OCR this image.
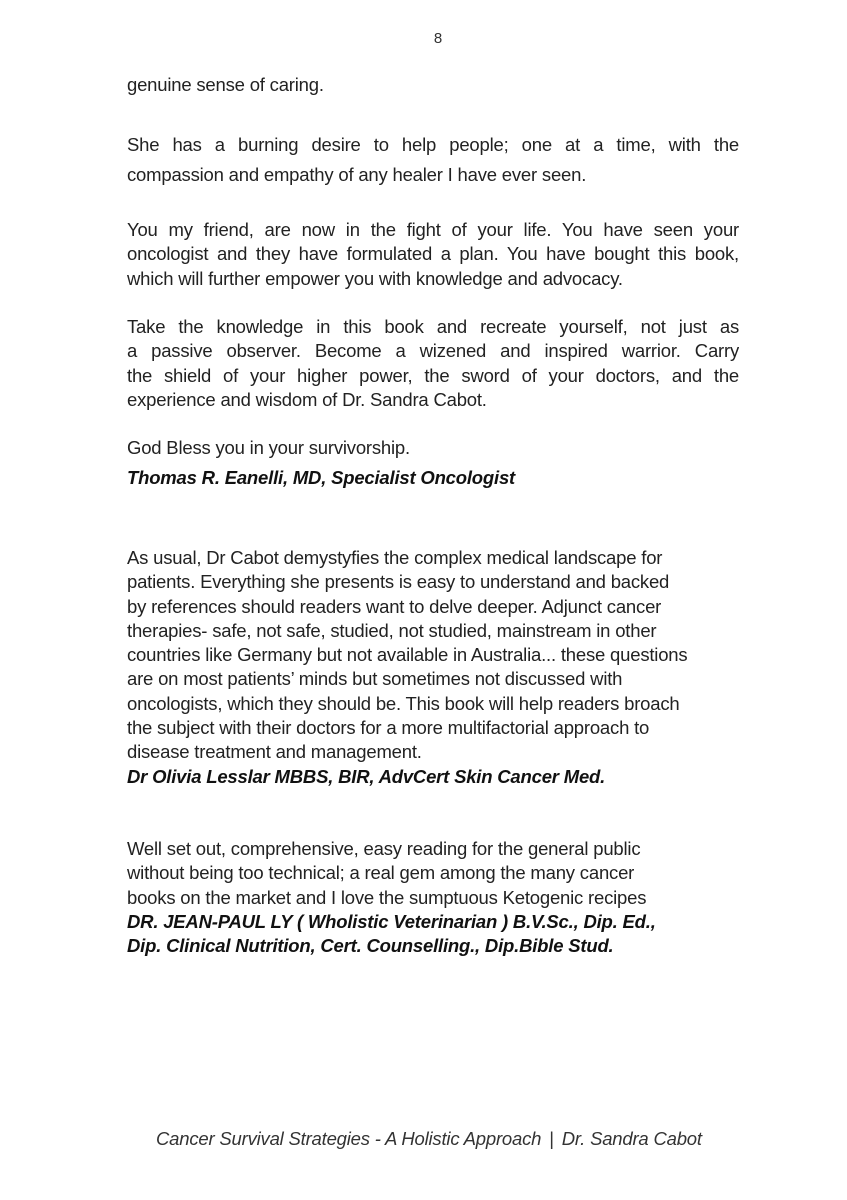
8
genuine sense of caring.
She has a burning desire to help people; one at a time, with the
compassion and empathy of any healer I have ever seen.
You my friend, are now in the fight of your life. You have seen your
oncologist and they have formulated a plan. You have bought this book,
which will further empower you with knowledge and advocacy.
Take the knowledge in this book and recreate yourself, not just as
a passive observer. Become a wizened and inspired warrior. Carry
the shield of your higher power, the sword of your doctors, and the
experience and wisdom of Dr. Sandra Cabot.
God Bless you in your survivorship.
Thomas R. Eanelli, MD, Specialist Oncologist
As usual, Dr Cabot demystyfies the complex medical landscape for
patients. Everything she presents is easy to understand and backed
by references should readers want to delve deeper. Adjunct cancer
therapies- safe, not safe, studied, not studied, mainstream in other
countries like Germany but not available in Australia... these questions
are on most patients’ minds but sometimes not discussed with
oncologists, which they should be. This book will help readers broach
the subject with their doctors for a more multifactorial approach to
disease treatment and management.
Dr Olivia Lesslar MBBS, BIR, AdvCert Skin Cancer Med.
Well set out, comprehensive, easy reading for the general public
without being too technical; a real gem among the many cancer
books on the market and I love the sumptuous Ketogenic recipes
DR. JEAN-PAUL LY ( Wholistic Veterinarian ) B.V.Sc., Dip. Ed.,
Dip. Clinical Nutrition, Cert. Counselling., Dip.Bible Stud.
Cancer Survival Strategies - A Holistic Approach | Dr. Sandra Cabot
